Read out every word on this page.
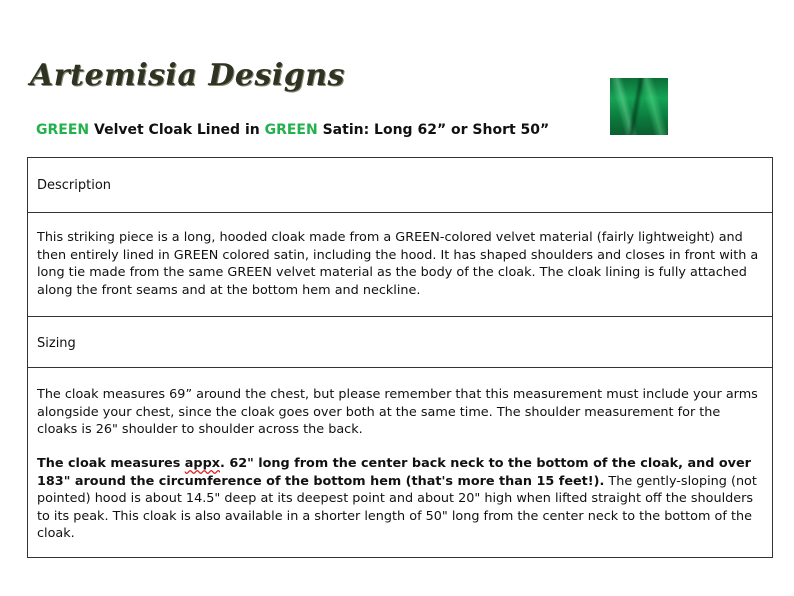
Artemisia Designs
GREEN Velvet Cloak Lined in GREEN Satin: Long 62” or Short 50”
Description
This striking piece is a long, hooded cloak made from a GREEN-colored velvet material (fairly lightweight) and then entirely lined in GREEN colored satin, including the hood. It has shaped shoulders and closes in front with a long tie made from the same GREEN velvet material as the body of the cloak. The cloak lining is fully attached along the front seams and at the bottom hem and neckline.
Sizing
The cloak measures 69” around the chest, but please remember that this measurement must include your arms alongside your chest, since the cloak goes over both at the same time. The shoulder measurement for the cloaks is 26" shoulder to shoulder across the back.
The cloak measures appx. 62" long from the center back neck to the bottom of the cloak, and over 183" around the circumference of the bottom hem (that's more than 15 feet!). The gently-sloping (not pointed) hood is about 14.5" deep at its deepest point and about 20" high when lifted straight off the shoulders to its peak. This cloak is also available in a shorter length of 50" long from the center neck to the bottom of the cloak.
